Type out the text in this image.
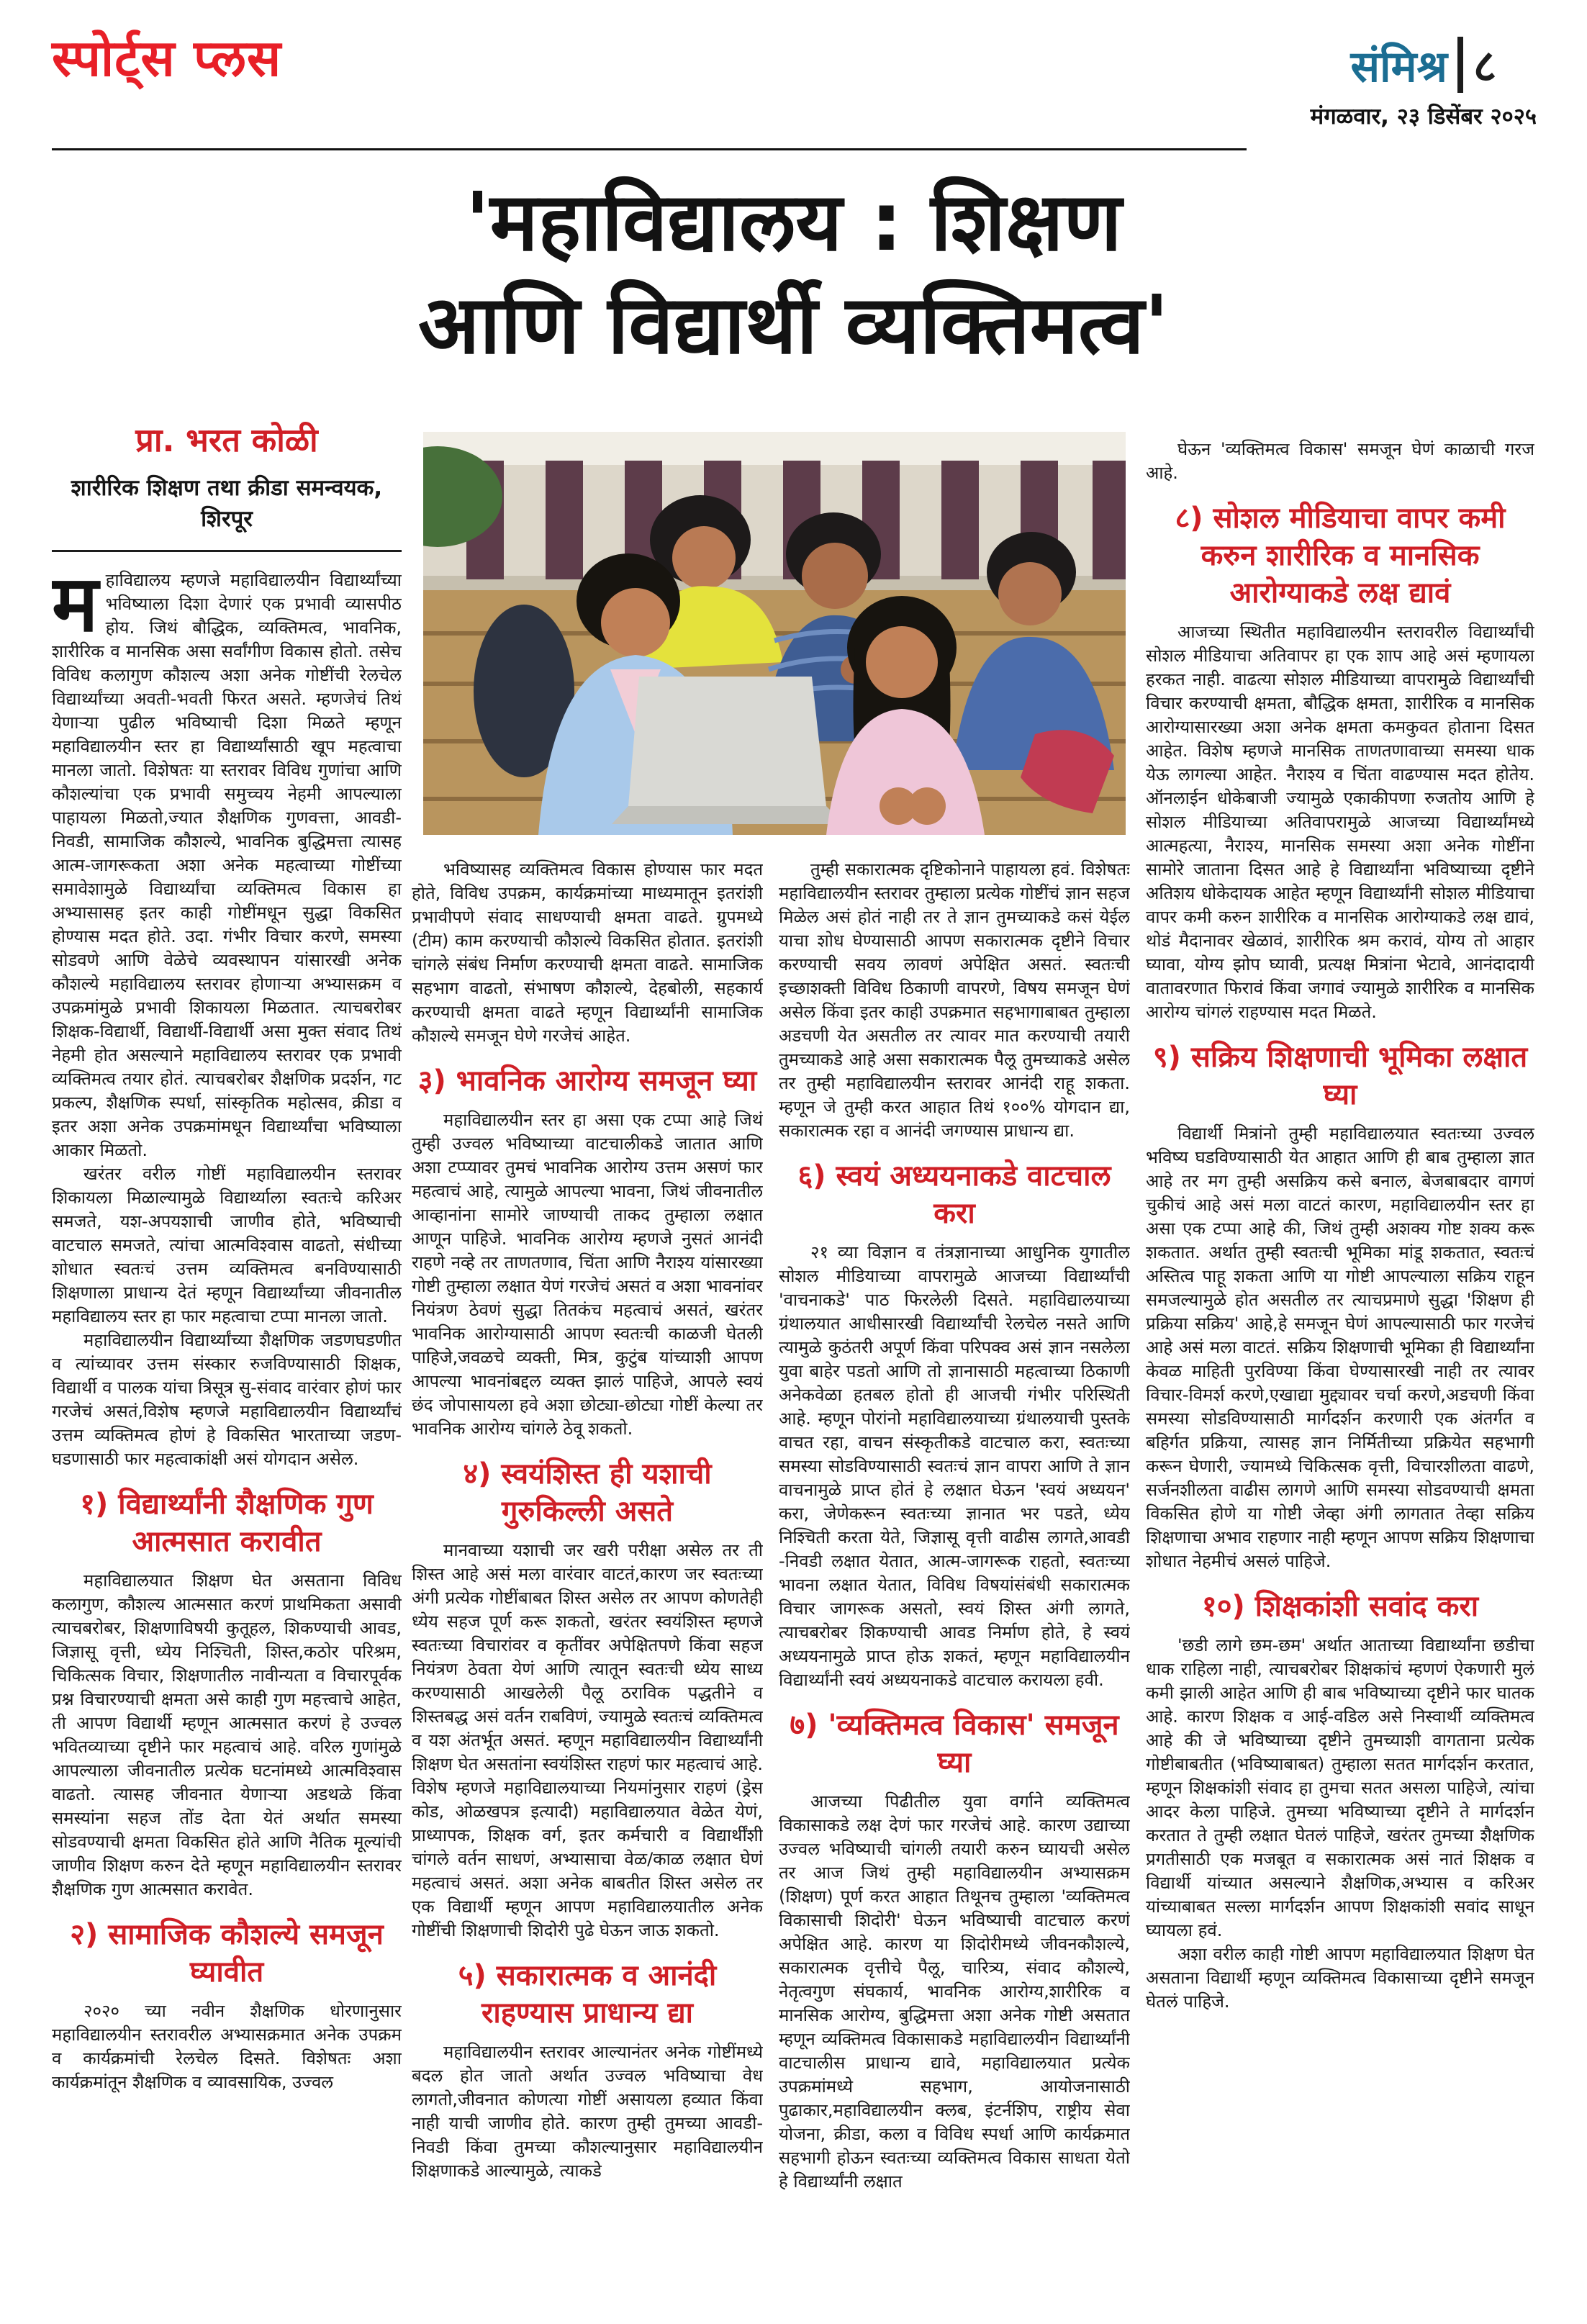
स्पोर्ट्स प्लस	संमिश्र ८
मंगळवार, २३ डिसेंबर २०२५
'महाविद्यालय : शिक्षण
आणि विद्यार्थी व्यक्तिमत्व'

प्रा. भरत कोळी

शारीरिक शिक्षण तथा क्रीडा समन्वयक,

शिरपूर

महाविद्यालय म्हणजे महाविद्यालयीन विद्यार्थ्यांच्या भविष्याला दिशा देणारं एक प्रभावी व्यासपीठ होय. जिथं बौद्धिक, व्यक्तिमत्व, भावनिक, शारीरिक व मानसिक असा सर्वांगीण विकास होतो. तसेच विविध कलागुण कौशल्य अशा अनेक गोष्टींची रेलचेल विद्यार्थ्यांच्या अवती-भवती फिरत असते. म्हणजेचं तिथं येणाऱ्या पुढील भविष्याची दिशा मिळते म्हणून महाविद्यालयीन स्तर हा विद्यार्थ्यांसाठी खूप महत्वाचा मानला जातो. विशेषतः या स्तरावर विविध गुणांचा आणि कौशल्यांचा एक प्रभावी समुच्चय नेहमी आपल्याला पाहायला मिळतो,ज्यात शैक्षणिक गुणवत्ता, आवडी-निवडी, सामाजिक कौशल्ये, भावनिक बुद्धिमत्ता त्यासह आत्म-जागरूकता अशा अनेक महत्वाच्या गोष्टींच्या समावेशामुळे विद्यार्थ्यांचा व्यक्तिमत्व विकास हा अभ्यासासह इतर काही गोष्टींमधून सुद्धा विकसित होण्यास मदत होते. उदा. गंभीर विचार करणे, समस्या सोडवणे आणि वेळेचे व्यवस्थापन यांसारखी अनेक कौशल्ये महाविद्यालय स्तरावर होणाऱ्या अभ्यासक्रम व उपक्रमांमुळे प्रभावी शिकायला मिळतात. त्याचबरोबर शिक्षक-विद्यार्थी, विद्यार्थी-विद्यार्थी असा मुक्त संवाद तिथं नेहमी होत असल्याने महाविद्यालय स्तरावर एक प्रभावी व्यक्तिमत्व तयार होतं. त्याचबरोबर शैक्षणिक प्रदर्शन, गट प्रकल्प, शैक्षणिक स्पर्धा, सांस्कृतिक महोत्सव, क्रीडा व इतर अशा अनेक उपक्रमांमधून विद्यार्थ्यांचा भविष्याला आकार मिळतो.

खरंतर वरील गोष्टीं महाविद्यालयीन स्तरावर शिकायला मिळाल्यामुळे विद्यार्थ्याला स्वतःचे करिअर समजते, यश-अपयशाची जाणीव होते, भविष्याची वाटचाल समजते, त्यांचा आत्मविश्वास वाढतो, संधीच्या शोधात स्वतःचं उत्तम व्यक्तिमत्व बनविण्यासाठी शिक्षणाला प्राधान्य देतं म्हणून विद्यार्थ्यांच्या जीवनातील महाविद्यालय स्तर हा फार महत्वाचा टप्पा मानला जातो.

महाविद्यालयीन विद्यार्थ्यांच्या शैक्षणिक जडणघडणीत व त्यांच्यावर उत्तम संस्कार रुजविण्यासाठी शिक्षक, विद्यार्थी व पालक यांचा त्रिसूत्र सु-संवाद वारंवार होणं फार गरजेचं असतं,विशेष म्हणजे महाविद्यालयीन विद्यार्थ्यांचं उत्तम व्यक्तिमत्व होणं हे विकसित भारताच्या जडण-घडणासाठी फार महत्वाकांक्षी असं योगदान असेल.

१) विद्यार्थ्यांनी शैक्षणिक गुण आत्मसात करावीत

महाविद्यालयात शिक्षण घेत असताना विविध कलागुण, कौशल्य आत्मसात करणं प्राथमिकता असावी त्याचबरोबर, शिक्षणाविषयी कुतूहल, शिकण्याची आवड, जिज्ञासू वृत्ती, ध्येय निश्चिती, शिस्त,कठोर परिश्रम, चिकित्सक विचार, शिक्षणातील नावीन्यता व विचारपूर्वक प्रश्न विचारण्याची क्षमता असे काही गुण महत्त्वाचे आहेत, ती आपण विद्यार्थी म्हणून आत्मसात करणं हे उज्वल भवितव्याच्या दृष्टीने फार महत्वाचं आहे. वरिल गुणांमुळे आपल्याला जीवनातील प्रत्येक घटनांमध्ये आत्मविश्वास वाढतो. त्यासह जीवनात येणाऱ्या अडथळे किंवा समस्यांना सहज तोंड देता येतं अर्थात समस्या सोडवण्याची क्षमता विकसित होते आणि नैतिक मूल्यांची जाणीव शिक्षण करुन देते म्हणून महाविद्यालयीन स्तरावर शैक्षणिक गुण आत्मसात करावेत.

२) सामाजिक कौशल्ये समजून घ्यावीत

२०२० च्या नवीन शैक्षणिक धोरणानुसार महाविद्यालयीन स्तरावरील अभ्यासक्रमात अनेक उपक्रम व कार्यक्रमांची रेलचेल दिसते. विशेषतः अशा कार्यक्रमांतून शैक्षणिक व व्यावसायिक, उज्वल

भविष्यासह व्यक्तिमत्व विकास होण्यास फार मदत होते, विविध उपक्रम, कार्यक्रमांच्या माध्यमातून इतरांशी प्रभावीपणे संवाद साधण्याची क्षमता वाढते. ग्रुपमध्ये (टीम) काम करण्याची कौशल्ये विकसित होतात. इतरांशी चांगले संबंध निर्माण करण्याची क्षमता वाढते. सामाजिक सहभाग वाढतो, संभाषण कौशल्ये, देहबोली, सहकार्य करण्याची क्षमता वाढते म्हणून विद्यार्थ्यांनी सामाजिक कौशल्ये समजून घेणे गरजेचं आहेत.

३) भावनिक आरोग्य समजून घ्या

महाविद्यालयीन स्तर हा असा एक टप्पा आहे जिथं तुम्ही उज्वल भविष्याच्या वाटचालीकडे जातात आणि अशा टप्प्यावर तुमचं भावनिक आरोग्य उत्तम असणं फार महत्वाचं आहे, त्यामुळे आपल्या भावना, जिथं जीवनातील आव्हानांना सामोरे जाण्याची ताकद तुम्हाला लक्षात आणून पाहिजे. भावनिक आरोग्य म्हणजे नुसतं आनंदी राहणे नव्हे तर ताणतणाव, चिंता आणि नैराश्य यांसारख्या गोष्टी तुम्हाला लक्षात येणं गरजेचं असतं व अशा भावनांवर नियंत्रण ठेवणं सुद्धा तितकंच महत्वाचं असतं, खरंतर भावनिक आरोग्यासाठी आपण स्वतःची काळजी घेतली पाहिजे,जवळचे व्यक्ती, मित्र, कुटुंब यांच्याशी आपण आपल्या भावनांबद्दल व्यक्त झालं पाहिजे, आपले स्वयं छंद जोपासायला हवे अशा छोट्या-छोट्या गोष्टीं केल्या तर भावनिक आरोग्य चांगले ठेवू शकतो.

४) स्वयंशिस्त ही यशाची गुरुकिल्ली असते

मानवाच्या यशाची जर खरी परीक्षा असेल तर ती शिस्त आहे असं मला वारंवार वाटतं,कारण जर स्वतःच्या अंगी प्रत्येक गोष्टींबाबत शिस्त असेल तर आपण कोणतेही ध्येय सहज पूर्ण करू शकतो, खरंतर स्वयंशिस्त म्हणजे स्वतःच्या विचारांवर व कृतींवर अपेक्षितपणे किंवा सहज नियंत्रण ठेवता येणं आणि त्यातून स्वतःची ध्येय साध्य करण्यासाठी आखलेली पैलू ठराविक पद्धतीने व शिस्तबद्ध असं वर्तन राबविणं, ज्यामुळे स्वतःचं व्यक्तिमत्व व यश अंतर्भूत असतं. म्हणून महाविद्यालयीन विद्यार्थ्यांनी शिक्षण घेत असतांना स्वयंशिस्त राहणं फार महत्वाचं आहे. विशेष म्हणजे महाविद्यालयाच्या नियमांनुसार राहणं (ड्रेस कोड, ओळखपत्र इत्यादी) महाविद्यालयात वेळेत येणं, प्राध्यापक, शिक्षक वर्ग, इतर कर्मचारी व विद्यार्थींशी चांगले वर्तन साधणं, अभ्यासाचा वेळ/काळ लक्षात घेणं महत्वाचं असतं. अशा अनेक बाबतीत शिस्त असेल तर एक विद्यार्थी म्हणून आपण महाविद्यालयातील अनेक गोष्टींची शिक्षणाची शिदोरी पुढे घेऊन जाऊ शकतो.

५) सकारात्मक व आनंदी राहण्यास प्राधान्य द्या

महाविद्यालयीन स्तरावर आल्यानंतर अनेक गोष्टींमध्ये बदल होत जातो अर्थात उज्वल भविष्याचा वेध लागतो,जीवनात कोणत्या गोष्टीं असायला हव्यात किंवा नाही याची जाणीव होते. कारण तुम्ही तुमच्या आवडी-निवडी किंवा तुमच्या कौशल्यानुसार महाविद्यालयीन शिक्षणाकडे आल्यामुळे, त्याकडे

तुम्ही सकारात्मक दृष्टिकोनाने पाहायला हवं. विशेषतः महाविद्यालयीन स्तरावर तुम्हाला प्रत्येक गोष्टींचं ज्ञान सहज मिळेल असं होतं नाही तर ते ज्ञान तुमच्याकडे कसं येईल याचा शोध घेण्यासाठी आपण सकारात्मक दृष्टीने विचार करण्याची सवय लावणं अपेक्षित असतं. स्वतःची इच्छाशक्ती विविध ठिकाणी वापरणे, विषय समजून घेणं असेल किंवा इतर काही उपक्रमात सहभागाबाबत तुम्हाला अडचणी येत असतील तर त्यावर मात करण्याची तयारी तुमच्याकडे आहे असा सकारात्मक पैलू तुमच्याकडे असेल तर तुम्ही महाविद्यालयीन स्तरावर आनंदी राहू शकता. म्हणून जे तुम्ही करत आहात तिथं १००% योगदान द्या, सकारात्मक रहा व आनंदी जगण्यास प्राधान्य द्या.

६) स्वयं अध्ययनाकडे वाटचाल करा

२१ व्या विज्ञान व तंत्रज्ञानाच्या आधुनिक युगातील सोशल मीडियाच्या वापरामुळे आजच्या विद्यार्थ्यांची 'वाचनाकडे' पाठ फिरलेली दिसते. महाविद्यालयाच्या ग्रंथालयात आधीसारखी विद्यार्थ्यांची रेलचेल नसते आणि त्यामुळे कुठंतरी अपूर्ण किंवा परिपक्व असं ज्ञान नसलेला युवा बाहेर पडतो आणि तो ज्ञानासाठी महत्वाच्या ठिकाणी अनेकवेळा हतबल होतो ही आजची गंभीर परिस्थिती आहे. म्हणून पोरांनो महाविद्यालयाच्या ग्रंथालयाची पुस्तके वाचत रहा, वाचन संस्कृतीकडे वाटचाल करा, स्वतःच्या समस्या सोडविण्यासाठी स्वतःचं ज्ञान वापरा आणि ते ज्ञान वाचनामुळे प्राप्त होतं हे लक्षात घेऊन 'स्वयं अध्ययन' करा, जेणेकरून स्वतःच्या ज्ञानात भर पडते, ध्येय निश्चिती करता येते, जिज्ञासू वृत्ती वाढीस लागते,आवडी -निवडी लक्षात येतात, आत्म-जागरूक राहतो, स्वतःच्या भावना लक्षात येतात, विविध विषयांसंबंधी सकारात्मक विचार जागरूक असतो, स्वयं शिस्त अंगी लागते, त्याचबरोबर शिकण्याची आवड निर्माण होते, हे स्वयं अध्ययनामुळे प्राप्त होऊ शकतं, म्हणून महाविद्यालयीन विद्यार्थ्यांनी स्वयं अध्ययनाकडे वाटचाल करायला हवी.

७) 'व्यक्तिमत्व विकास' समजून घ्या

आजच्या पिढीतील युवा वर्गाने व्यक्तिमत्व विकासाकडे लक्ष देणं फार गरजेचं आहे. कारण उद्याच्या उज्वल भविष्याची चांगली तयारी करुन घ्यायची असेल तर आज जिथं तुम्ही महाविद्यालयीन अभ्यासक्रम (शिक्षण) पूर्ण करत आहात तिथूनच तुम्हाला 'व्यक्तिमत्व विकासाची शिदोरी' घेऊन भविष्याची वाटचाल करणं अपेक्षित आहे. कारण या शिदोरीमध्ये जीवनकौशल्ये, सकारात्मक वृत्तीचे पैलू, चारित्र्य, संवाद कौशल्ये, नेतृत्वगुण संघकार्य, भावनिक आरोग्य,शारीरिक व मानसिक आरोग्य, बुद्धिमत्ता अशा अनेक गोष्टी असतात म्हणून व्यक्तिमत्व विकासाकडे महाविद्यालयीन विद्यार्थ्यांनी वाटचालीस प्राधान्य द्यावे, महाविद्यालयात प्रत्येक उपक्रमांमध्ये सहभाग, आयोजनासाठी पुढाकार,महाविद्यालयीन क्लब, इंटर्नशिप, राष्ट्रीय सेवा योजना, क्रीडा, कला व विविध स्पर्धा आणि कार्यक्रमात सहभागी होऊन स्वतःच्या व्यक्तिमत्व विकास साधता येतो हे विद्यार्थ्यांनी लक्षात

घेऊन 'व्यक्तिमत्व विकास' समजून घेणं काळाची गरज आहे.

८) सोशल मीडियाचा वापर कमी करुन शारीरिक व मानसिक आरोग्याकडे लक्ष द्यावं

आजच्या स्थितीत महाविद्यालयीन स्तरावरील विद्यार्थ्यांची सोशल मीडियाचा अतिवापर हा एक शाप आहे असं म्हणायला हरकत नाही. वाढत्या सोशल मीडियाच्या वापरामुळे विद्यार्थ्यांची विचार करण्याची क्षमता, बौद्धिक क्षमता, शारीरिक व मानसिक आरोग्यासारख्या अशा अनेक क्षमता कमकुवत होताना दिसत आहेत. विशेष म्हणजे मानसिक ताणतणावाच्या समस्या धाक येऊ लागल्या आहेत. नैराश्य व चिंता वाढण्यास मदत होतेय. ऑनलाईन धोकेबाजी ज्यामुळे एकाकीपणा रुजतोय आणि हे सोशल मीडियाच्या अतिवापरामुळे आजच्या विद्यार्थ्यांमध्ये आत्महत्या, नैराश्य, मानसिक समस्या अशा अनेक गोष्टींना सामोरे जाताना दिसत आहे हे विद्यार्थ्यांना भविष्याच्या दृष्टीने अतिशय धोकेदायक आहेत म्हणून विद्यार्थ्यांनी सोशल मीडियाचा वापर कमी करुन शारीरिक व मानसिक आरोग्याकडे लक्ष द्यावं, थोडं मैदानावर खेळावं, शारीरिक श्रम करावं, योग्य तो आहार घ्यावा, योग्य झोप घ्यावी, प्रत्यक्ष मित्रांना भेटावे, आनंदादायी वातावरणात फिरावं किंवा जगावं ज्यामुळे शारीरिक व मानसिक आरोग्य चांगलं राहण्यास मदत मिळते.

९) सक्रिय शिक्षणाची भूमिका लक्षात घ्या

विद्यार्थी मित्रांनो तुम्ही महाविद्यालयात स्वतःच्या उज्वल भविष्य घडविण्यासाठी येत आहात आणि ही बाब तुम्हाला ज्ञात आहे तर मग तुम्ही असक्रिय कसे बनाल, बेजबाबदार वागणं चुकीचं आहे असं मला वाटतं कारण, महाविद्यालयीन स्तर हा असा एक टप्पा आहे की, जिथं तुम्ही अशक्य गोष्ट शक्य करू शकतात. अर्थात तुम्ही स्वतःची भूमिका मांडू शकतात, स्वतःचं अस्तित्व पाहू शकता आणि या गोष्टी आपल्याला सक्रिय राहून समजल्यामुळे होत असतील तर त्याचप्रमाणे सुद्धा 'शिक्षण ही प्रक्रिया सक्रिय' आहे,हे समजून घेणं आपल्यासाठी फार गरजेचं आहे असं मला वाटतं. सक्रिय शिक्षणाची भूमिका ही विद्यार्थ्यांना केवळ माहिती पुरविण्या किंवा घेण्यासारखी नाही तर त्यावर विचार-विमर्श करणे,एखाद्या मुद्द्यावर चर्चा करणे,अडचणी किंवा समस्या सोडविण्यासाठी मार्गदर्शन करणारी एक अंतर्गत व बहिर्गत प्रक्रिया, त्यासह ज्ञान निर्मितीच्या प्रक्रियेत सहभागी करून घेणारी, ज्यामध्ये चिकित्सक वृत्ती, विचारशीलता वाढणे, सर्जनशीलता वाढीस लागणे आणि समस्या सोडवण्याची क्षमता विकसित होणे या गोष्टी जेव्हा अंगी लागतात तेव्हा सक्रिय शिक्षणाचा अभाव राहणार नाही म्हणून आपण सक्रिय शिक्षणाचा शोधात नेहमीचं असलं पाहिजे.

१०) शिक्षकांशी सवांद करा

'छडी लागे छम-छम' अर्थात आताच्या विद्यार्थ्यांना छडीचा धाक राहिला नाही, त्याचबरोबर शिक्षकांचं म्हणणं ऐकणारी मुलं कमी झाली आहेत आणि ही बाब भविष्याच्या दृष्टीने फार घातक आहे. कारण शिक्षक व आई-वडिल असे निस्वार्थी व्यक्तिमत्व आहे की जे भविष्याच्या दृष्टीने तुमच्याशी वागताना प्रत्येक गोष्टीबाबतीत (भविष्याबाबत) तुम्हाला सतत मार्गदर्शन करतात, म्हणून शिक्षकांशी संवाद हा तुमचा सतत असला पाहिजे, त्यांचा आदर केला पाहिजे. तुमच्या भविष्याच्या दृष्टीने ते मार्गदर्शन करतात ते तुम्ही लक्षात घेतलं पाहिजे, खरंतर तुमच्या शैक्षणिक प्रगतीसाठी एक मजबूत व सकारात्मक असं नातं शिक्षक व विद्यार्थी यांच्यात असल्याने शैक्षणिक,अभ्यास व करिअर यांच्याबाबत सल्ला मार्गदर्शन आपण शिक्षकांशी सवांद साधून घ्यायला हवं.

अशा वरील काही गोष्टी आपण महाविद्यालयात शिक्षण घेत असताना विद्यार्थी म्हणून व्यक्तिमत्व विकासाच्या दृष्टीने समजून घेतलं पाहिजे.
